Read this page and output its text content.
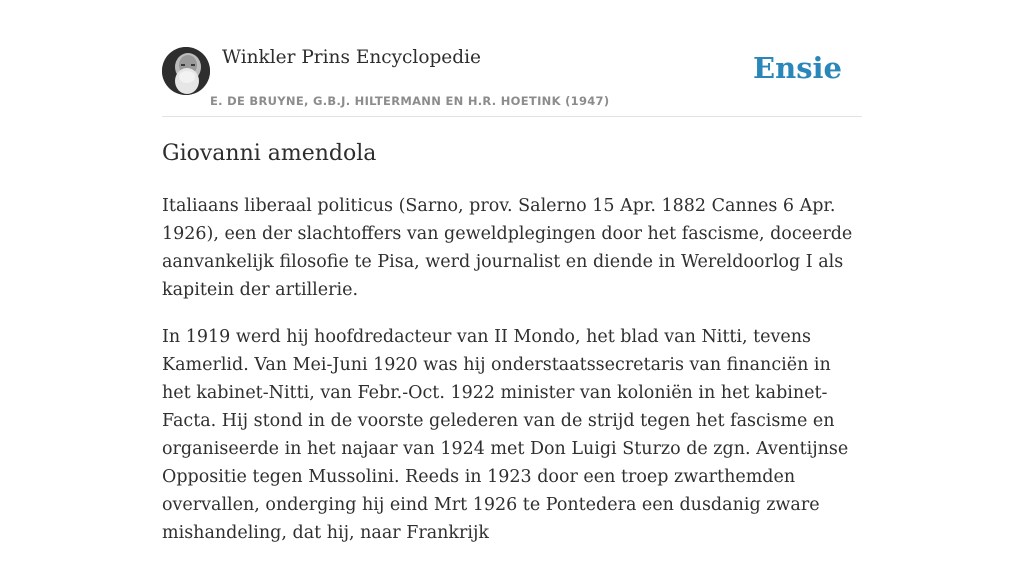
Winkler Prins Encyclopedie
E. DE BRUYNE, G.B.J. HILTERMANN EN H.R. HOETINK (1947)
Ensie
Giovanni amendola

Italiaans liberaal politicus (Sarno, prov. Salerno 15 Apr. 1882 Cannes 6 Apr. 1926), een der slachtoffers van geweldplegingen door het fascisme, doceerde aanvankelijk filosofie te Pisa, werd journalist en diende in Wereldoorlog I als kapitein der artillerie.

In 1919 werd hij hoofdredacteur van II Mondo, het blad van Nitti, tevens Kamerlid. Van Mei-Juni 1920 was hij onderstaatssecretaris van financiën in het kabinet-Nitti, van Febr.-Oct. 1922 minister van koloniën in het kabinet-Facta. Hij stond in de voorste gelederen van de strijd tegen het fascisme en organiseerde in het najaar van 1924 met Don Luigi Sturzo de zgn. Aventijnse Oppositie tegen Mussolini. Reeds in 1923 door een troep zwarthemden overvallen, onderging hij eind Mrt 1926 te Pontedera een dusdanig zware mishandeling, dat hij, naar Frankrijk
